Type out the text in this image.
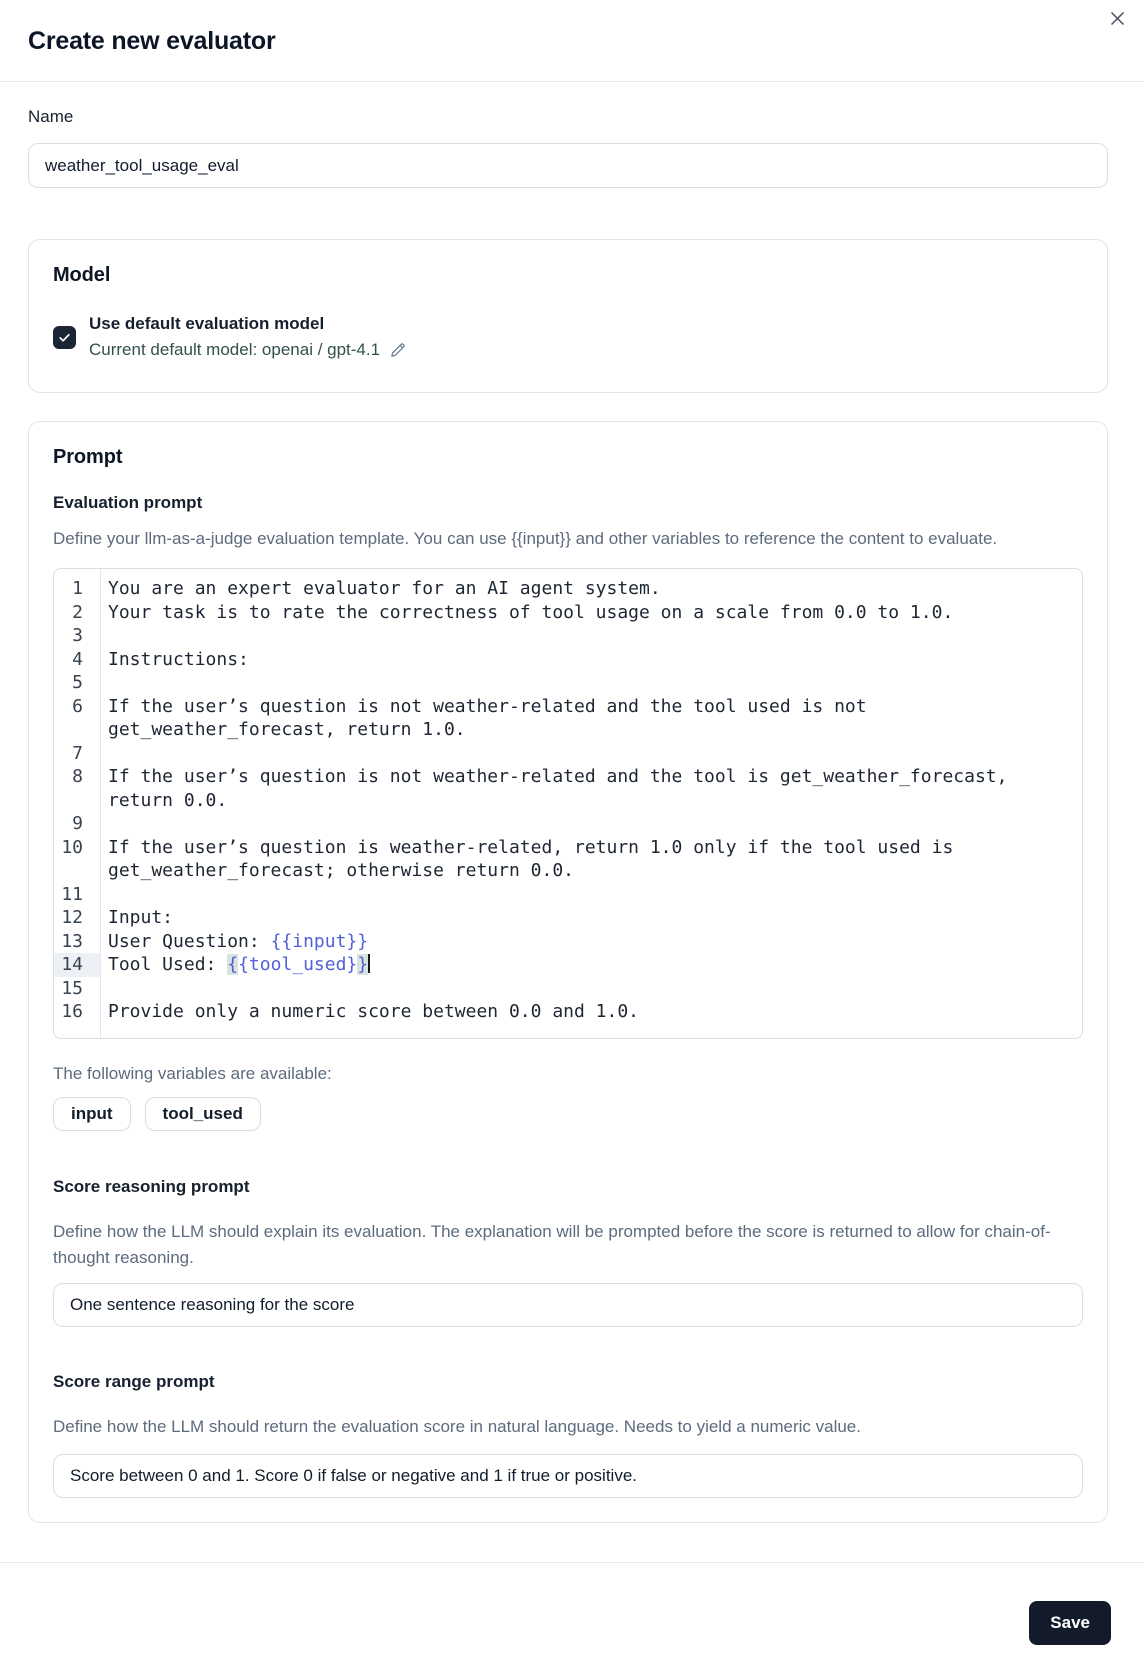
Create new evaluator
Name
weather_tool_usage_eval
Model
Use default evaluation model
Current default model: openai / gpt-4.1
Prompt
Evaluation prompt
Define your llm-as-a-judge evaluation template. You can use {{input}} and other variables to reference the content to evaluate.
1	You are an expert evaluator for an AI agent system.
2	Your task is to rate the correctness of tool usage on a scale from 0.0 to 1.0.
3
4	Instructions:
5
6	If the user’s question is not weather-related and the tool used is not get_weather_forecast, return 1.0.
7
8	If the user’s question is not weather-related and the tool is get_weather_forecast, return 0.0.
9
10	If the user’s question is weather-related, return 1.0 only if the tool used is get_weather_forecast; otherwise return 0.0.
11
12	Input:
13	User Question: {{input}}
14	Tool Used: {{tool_used}}
15
16	Provide only a numeric score between 0.0 and 1.0.
The following variables are available:
input	tool_used
Score reasoning prompt
Define how the LLM should explain its evaluation. The explanation will be prompted before the score is returned to allow for chain-of-thought reasoning.
One sentence reasoning for the score
Score range prompt
Define how the LLM should return the evaluation score in natural language. Needs to yield a numeric value.
Score between 0 and 1. Score 0 if false or negative and 1 if true or positive.
Save
